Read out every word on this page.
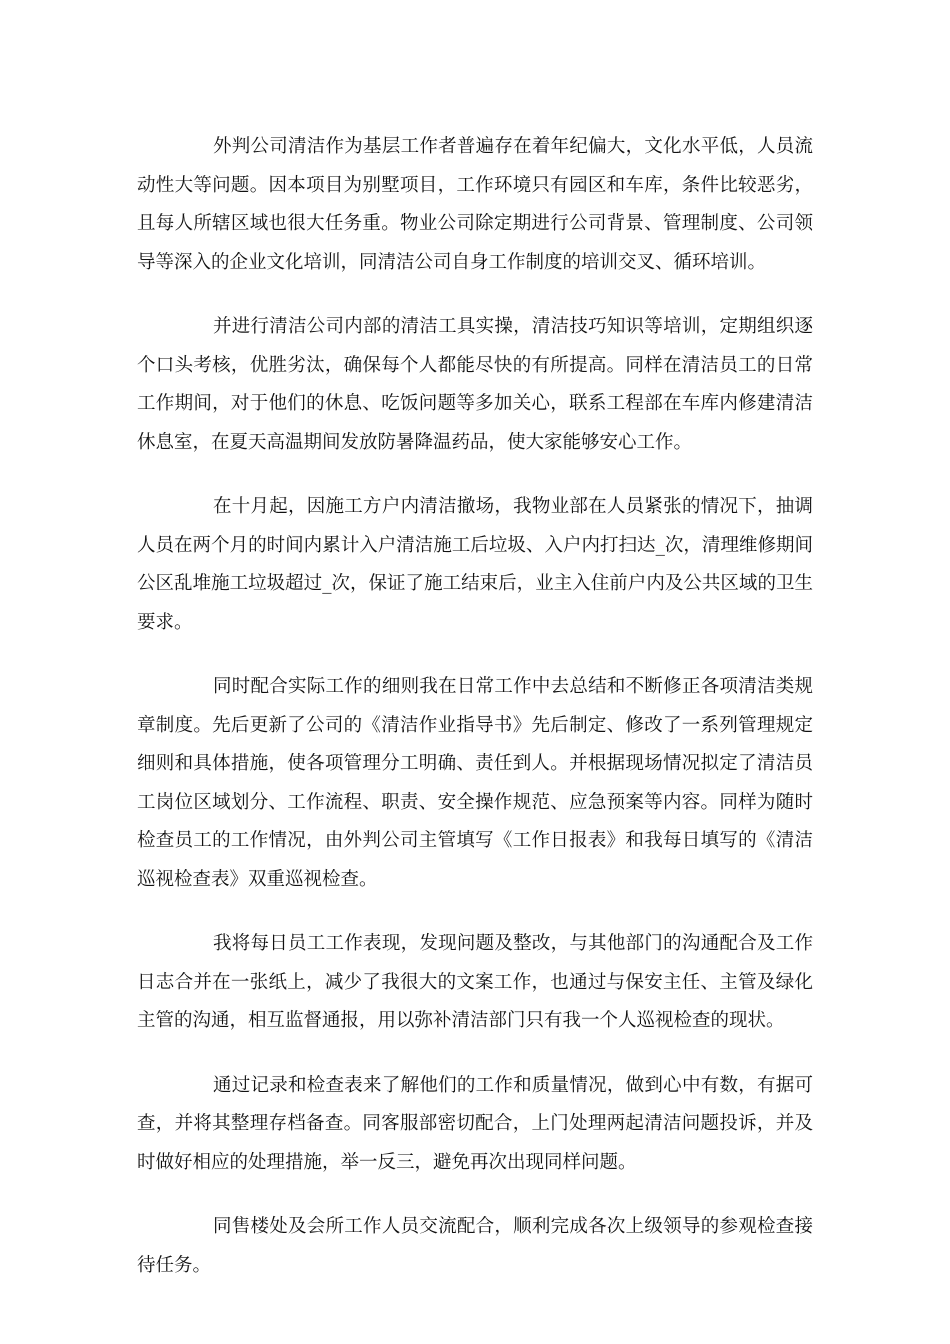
外判公司清洁作为基层工作者普遍存在着年纪偏大，文化水平低，人员流动性大等问题。因本项目为别墅项目，工作环境只有园区和车库，条件比较恶劣，且每人所辖区域也很大任务重。物业公司除定期进行公司背景、管理制度、公司领导等深入的企业文化培训，同清洁公司自身工作制度的培训交叉、循环培训。

并进行清洁公司内部的清洁工具实操，清洁技巧知识等培训，定期组织逐个口头考核，优胜劣汰，确保每个人都能尽快的有所提高。同样在清洁员工的日常工作期间，对于他们的休息、吃饭问题等多加关心，联系工程部在车库内修建清洁休息室，在夏天高温期间发放防暑降温药品，使大家能够安心工作。

在十月起，因施工方户内清洁撤场，我物业部在人员紧张的情况下，抽调人员在两个月的时间内累计入户清洁施工后垃圾、入户内打扫达_次，清理维修期间公区乱堆施工垃圾超过_次，保证了施工结束后，业主入住前户内及公共区域的卫生要求。

同时配合实际工作的细则我在日常工作中去总结和不断修正各项清洁类规章制度。先后更新了公司的《清洁作业指导书》先后制定、修改了一系列管理规定细则和具体措施，使各项管理分工明确、责任到人。并根据现场情况拟定了清洁员工岗位区域划分、工作流程、职责、安全操作规范、应急预案等内容。同样为随时检查员工的工作情况，由外判公司主管填写《工作日报表》和我每日填写的《清洁巡视检查表》双重巡视检查。

我将每日员工工作表现，发现问题及整改，与其他部门的沟通配合及工作日志合并在一张纸上，减少了我很大的文案工作，也通过与保安主任、主管及绿化主管的沟通，相互监督通报，用以弥补清洁部门只有我一个人巡视检查的现状。

通过记录和检查表来了解他们的工作和质量情况，做到心中有数，有据可查，并将其整理存档备查。同客服部密切配合，上门处理两起清洁问题投诉，并及时做好相应的处理措施，举一反三，避免再次出现同样问题。

同售楼处及会所工作人员交流配合，顺利完成各次上级领导的参观检查接待任务。
